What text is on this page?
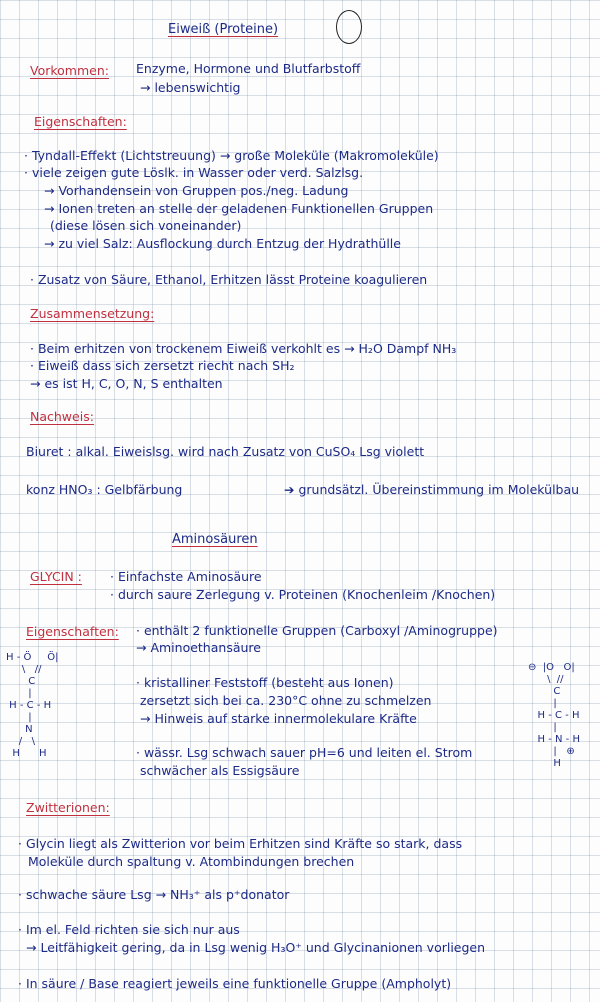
Eiweiß (Proteine)
Vorkommen: Enzyme, Hormone und Blutfarbstoff
→ lebenswichtig
Eigenschaften:
· Tyndall-Effekt (Lichtstreuung) → große Moleküle (Makromoleküle)
· viele zeigen gute Löslk. in Wasser oder verd. Salzlsg.
→ Vorhandensein von Gruppen pos./neg. Ladung
→ Ionen treten an stelle der geladenen Funktionellen Gruppen
(diese lösen sich voneinander)
→ zu viel Salz: Ausflockung durch Entzug der Hydrathülle
· Zusatz von Säure, Ethanol, Erhitzen lässt Proteine koagulieren
Zusammensetzung:
· Beim erhitzen von trockenem Eiweiß verkohlt es → H₂O Dampf NH₃
· Eiweiß dass sich zersetzt riecht nach SH₂
→ es ist H, C, O, N, S enthalten
Nachweis:
Biuret : alkal. Eiweislsg. wird nach Zusatz von CuSO₄ Lsg violett
konz HNO₃ : Gelbfärbung	➔ grundsätzl. Übereinstimmung im Molekülbau
Aminosäuren
GLYCIN : · Einfachste Aminosäure
· durch saure Zerlegung v. Proteinen (Knochenleim /Knochen)
Eigenschaften: · enthält 2 funktionelle Gruppen (Carboxyl /Aminogruppe)
→ Aminoethansäure
· kristalliner Feststoff (besteht aus Ionen)
zersetzt sich bei ca. 230°C ohne zu schmelzen
→ Hinweis auf starke innermolekulare Kräfte
· wässr. Lsg schwach sauer pH=6 und leiten el. Strom
schwächer als Essigsäure
H - Ö     Ö|
\   //
C
|
H - C - H
|
N
/   \
H      H
⊖  |O   O|
\  //
C
|
H - C - H
|
H - N - H
|   ⊕
H
Zwitterionen:
· Glycin liegt als Zwitterion vor beim Erhitzen sind Kräfte so stark, dass
Moleküle durch spaltung v. Atombindungen brechen
· schwache säure Lsg → NH₃⁺ als p⁺donator
· Im el. Feld richten sie sich nur aus
→ Leitfähigkeit gering, da in Lsg wenig H₃O⁺ und Glycinanionen vorliegen
· In säure / Base reagiert jeweils eine funktionelle Gruppe (Ampholyt)
